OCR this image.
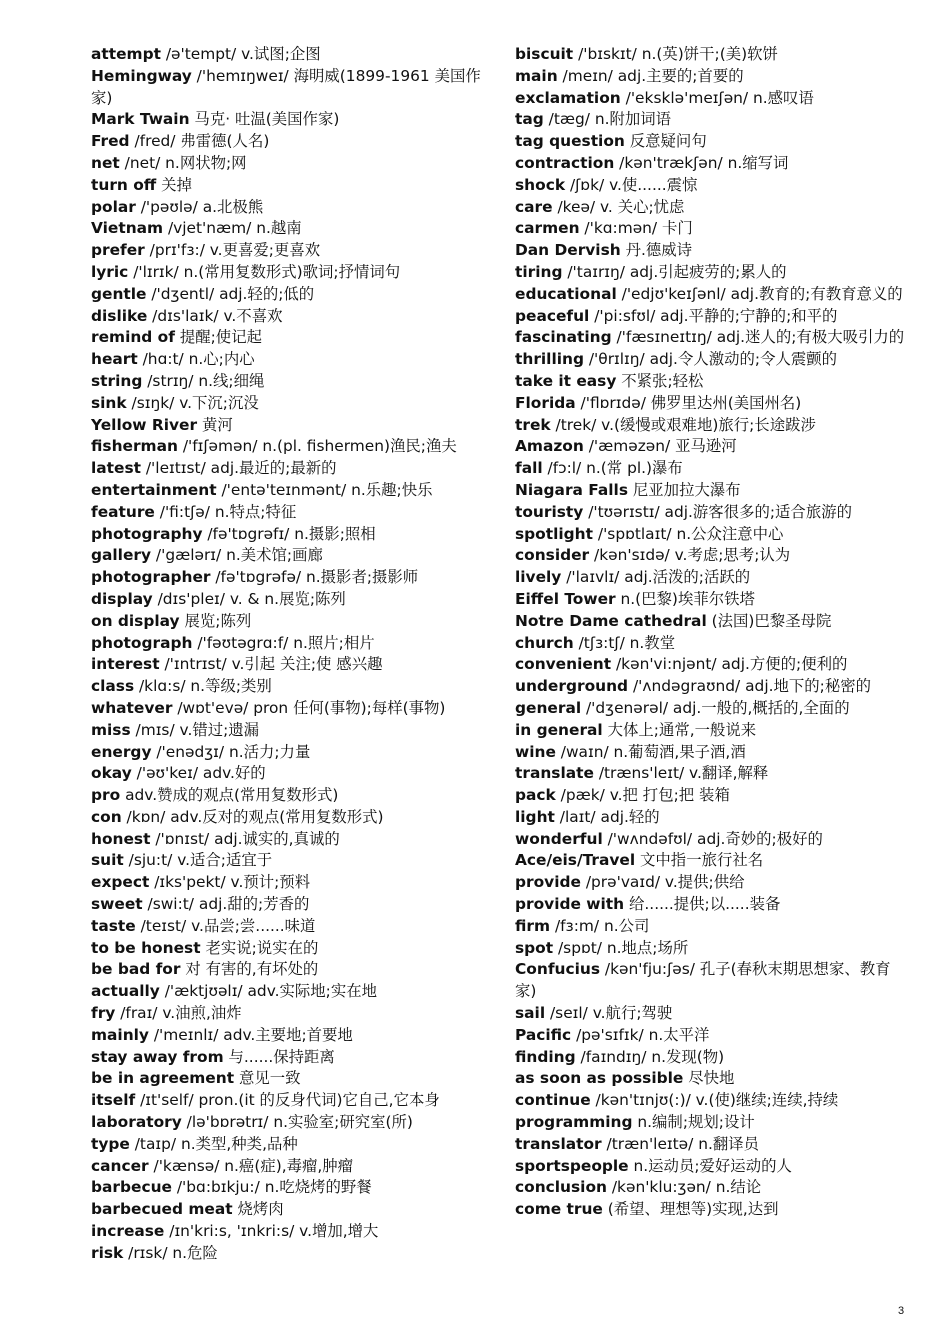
attempt /ə'tempt/ v.试图;企图
Hemingway /'hemɪŋweɪ/ 海明威(1899-1961 美国作家)
Mark Twain 马克· 吐温(美国作家)
Fred /fred/ 弗雷德(人名)
net /net/ n.网状物;网
turn off 关掉
polar /'pəʊlə/ a.北极熊
Vietnam /vjet'næm/ n.越南
prefer /prɪ'fɜ:/ v.更喜爱;更喜欢
lyric /'lɪrɪk/ n.(常用复数形式)歌词;抒情词句
gentle /'dʒentl/ adj.轻的;低的
dislike /dɪs'laɪk/ v.不喜欢
remind of 提醒;使记起
heart /hɑ:t/ n.心;内心
string /strɪŋ/ n.线;细绳
sink /sɪŋk/ v.下沉;沉没
Yellow River 黄河
fisherman /'fɪʃəmən/ n.(pl. fishermen)渔民;渔夫
latest /'leɪtɪst/ adj.最近的;最新的
entertainment /'entə'teɪnmənt/ n.乐趣;快乐
feature /'fi:tʃə/ n.特点;特征
photography /fə'tɒgrəfɪ/ n.摄影;照相
gallery /'gælərɪ/ n.美术馆;画廊
photographer /fə'tɒgrəfə/ n.摄影者;摄影师
display /dɪs'pleɪ/ v. & n.展览;陈列
on display 展览;陈列
photograph /'fəʊtəgrɑ:f/ n.照片;相片
interest /'ɪntrɪst/ v.引起 关注;使 感兴趣
class /klɑ:s/ n.等级;类别
whatever /wɒt'evə/ pron 任何(事物);每样(事物)
miss /mɪs/ v.错过;遗漏
energy /'enədʒɪ/ n.活力;力量
okay /'əʊ'keɪ/ adv.好的
pro adv.赞成的观点(常用复数形式)
con /kɒn/ adv.反对的观点(常用复数形式)
honest /'ɒnɪst/ adj.诚实的,真诚的
suit /sju:t/ v.适合;适宜于
expect /ɪks'pekt/ v.预计;预料
sweet /swi:t/ adj.甜的;芳香的
taste /teɪst/ v.品尝;尝......味道
to be honest 老实说;说实在的
be bad for 对 有害的,有坏处的
actually /'æktjʊəlɪ/ adv.实际地;实在地
fry /fraɪ/ v.油煎,油炸
mainly /'meɪnlɪ/ adv.主要地;首要地
stay away from 与......保持距离
be in agreement 意见一致
itself /ɪt'self/ pron.(it 的反身代词)它自己,它本身
laboratory /lə'bɒrətrɪ/ n.实验室;研究室(所)
type /taɪp/ n.类型,种类,品种
cancer /'kænsə/ n.癌(症),毒瘤,肿瘤
barbecue /'bɑ:bɪkju:/ n.吃烧烤的野餐
barbecued meat 烧烤肉
increase /ɪn'kri:s, 'ɪnkri:s/ v.增加,增大
risk /rɪsk/ n.危险
biscuit /'bɪskɪt/ n.(英)饼干;(美)软饼
main /meɪn/ adj.主要的;首要的
exclamation /'eksklə'meɪʃən/ n.感叹语
tag /tæg/ n.附加词语
tag question 反意疑问句
contraction /kən'trækʃən/ n.缩写词
shock /ʃɒk/ v.使......震惊
care /keə/ v. 关心;忧虑
carmen /'kɑ:mən/ 卡门
Dan Dervish 丹.德威诗
tiring /'taɪrɪŋ/ adj.引起疲劳的;累人的
educational /'edjʊ'keɪʃənl/ adj.教育的;有教育意义的
peaceful /'pi:sfʊl/ adj.平静的;宁静的;和平的
fascinating /'fæsɪneɪtɪŋ/ adj.迷人的;有极大吸引力的
thrilling /'θrɪlɪŋ/ adj.令人激动的;令人震颤的
take it easy 不紧张;轻松
Florida /'flɒrɪdə/ 佛罗里达州(美国州名)
trek /trek/ v.(缓慢或艰难地)旅行;长途跋涉
Amazon /'æməzən/ 亚马逊河
fall /fɔ:l/ n.(常 pl.)瀑布
Niagara Falls 尼亚加拉大瀑布
touristy /'tʊərɪstɪ/ adj.游客很多的;适合旅游的
spotlight /'spɒtlaɪt/ n.公众注意中心
consider /kən'sɪdə/ v.考虑;思考;认为
lively /'laɪvlɪ/ adj.活泼的;活跃的
Eiffel Tower n.(巴黎)埃菲尔铁塔
Notre Dame cathedral (法国)巴黎圣母院
church /tʃɜ:tʃ/ n.教堂
convenient /kən'vi:njənt/ adj.方便的;便利的
underground /'ʌndəgraʊnd/ adj.地下的;秘密的
general /'dʒenərəl/ adj.一般的,概括的,全面的
in general 大体上;通常,一般说来
wine /waɪn/ n.葡萄酒,果子酒,酒
translate /træns'leɪt/ v.翻译,解释
pack /pæk/ v.把 打包;把 装箱
light /laɪt/ adj.轻的
wonderful /'wʌndəfʊl/ adj.奇妙的;极好的
Ace/eis/Travel 文中指一旅行社名
provide /prə'vaɪd/ v.提供;供给
provide with 给......提供;以.....装备
firm /fɜ:m/ n.公司
spot /spɒt/ n.地点;场所
Confucius /kən'fju:ʃəs/ 孔子(春秋末期思想家、教育家)
sail /seɪl/ v.航行;驾驶
Pacific /pə'sɪfɪk/ n.太平洋
finding /faɪndɪŋ/ n.发现(物)
as soon as possible 尽快地
continue /kən'tɪnjʊ(:)/ v.(使)继续;连续,持续
programming n.编制;规划;设计
translator /træn'leɪtə/ n.翻译员
sportspeople n.运动员;爱好运动的人
conclusion /kən'klu:ʒən/ n.结论
come true (希望、理想等)实现,达到
3
